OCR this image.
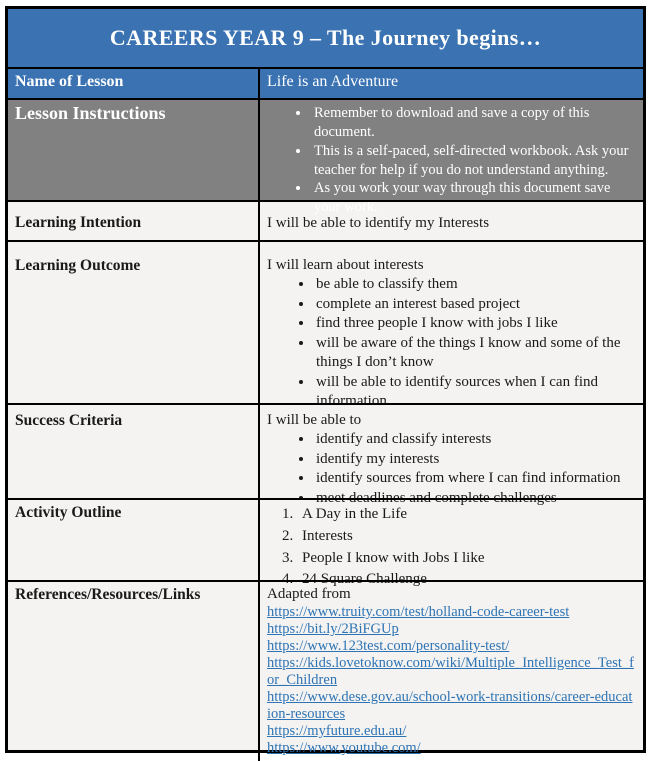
CAREERS YEAR 9 – The Journey begins…
Name of Lesson	Life is an Adventure
Lesson Instructions	• Remember to download and save a copy of this document.
• This is a self-paced, self-directed workbook. Ask your teacher for help if you do not understand anything.
• As you work your way through this document save your work.
Learning Intention	I will be able to identify my Interests
Learning Outcome	I will learn about interests
• be able to classify them
• complete an interest based project
• find three people I know with jobs I like
• will be aware of the things I know and some of the things I don’t know
• will be able to identify sources when I can find information
Success Criteria	I will be able to
• identify and classify interests
• identify my interests
• identify sources from where I can find information
• meet deadlines and complete challenges
Activity Outline	1. A Day in the Life
2. Interests
3. People I know with Jobs I like
4. 24 Square Challenge
References/Resources/Links	Adapted from
https://www.truity.com/test/holland-code-career-test
https://bit.ly/2BiFGUp
https://www.123test.com/personality-test/
https://kids.lovetoknow.com/wiki/Multiple_Intelligence_Test_for_Children
https://www.dese.gov.au/school-work-transitions/career-education-resources
https://myfuture.edu.au/
https://www.youtube.com/
